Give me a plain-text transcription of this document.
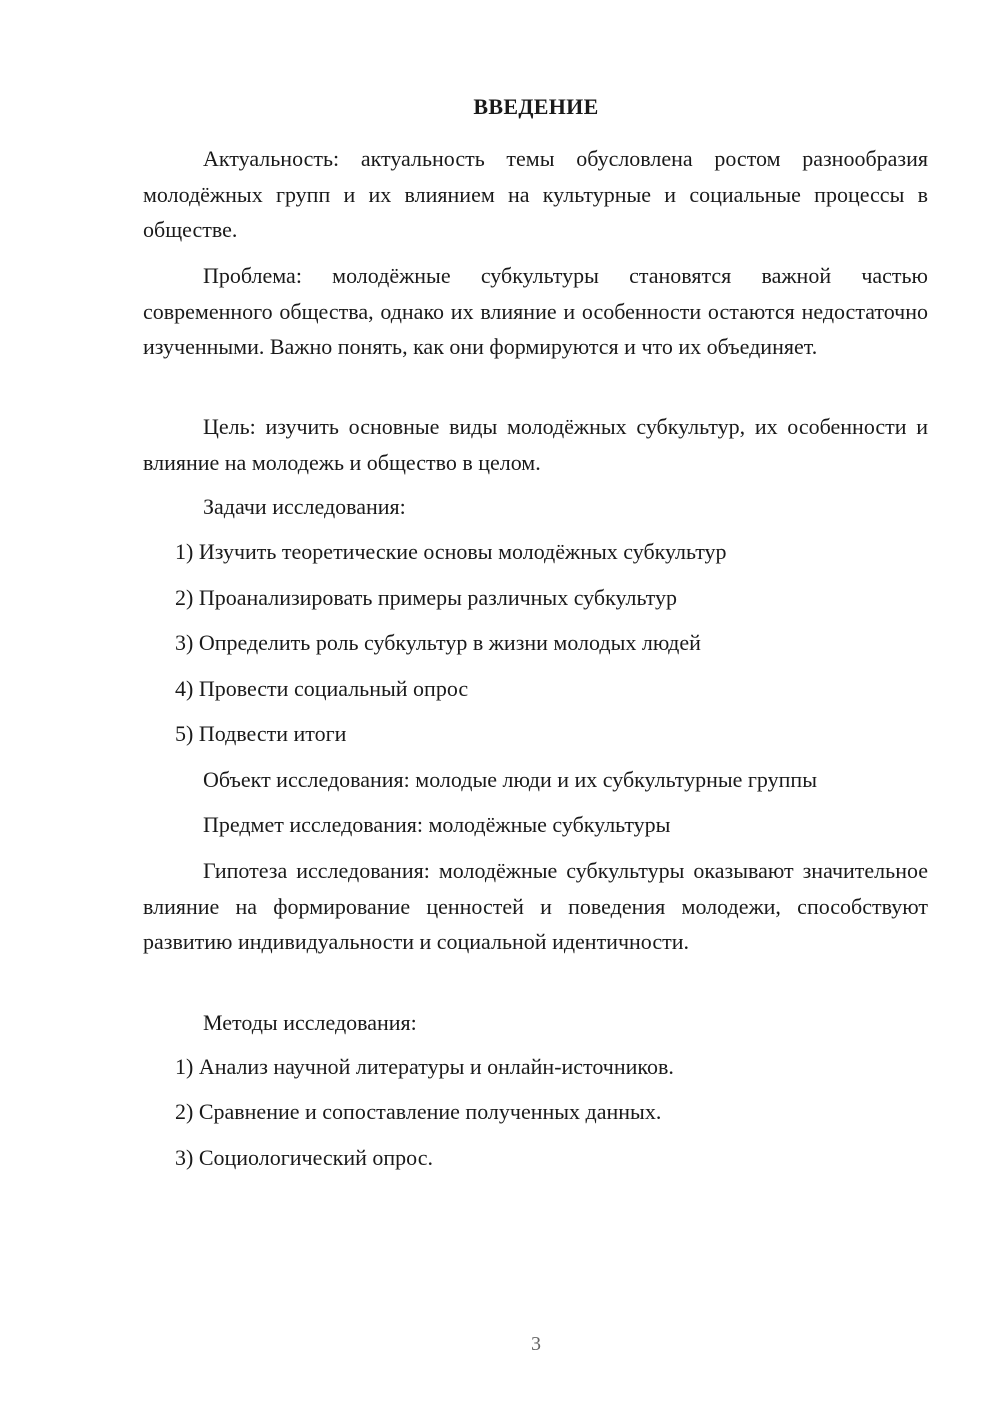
ВВЕДЕНИЕ

Актуальность: актуальность темы обусловлена ростом разнообразия молодёжных групп и их влиянием на культурные и социальные процессы в обществе.

Проблема: молодёжные субкультуры становятся важной частью современного общества, однако их влияние и особенности остаются недостаточно изученными. Важно понять, как они формируются и что их объединяет.

Цель: изучить основные виды молодёжных субкультур, их особенности и влияние на молодежь и общество в целом.

Задачи исследования:

1) Изучить теоретические основы молодёжных субкультур

2) Проанализировать примеры различных субкультур

3) Определить роль субкультур в жизни молодых людей

4) Провести социальный опрос

5) Подвести итоги

Объект исследования: молодые люди и их субкультурные группы

Предмет исследования: молодёжные субкультуры

Гипотеза исследования: молодёжные субкультуры оказывают значительное влияние на формирование ценностей и поведения молодежи, способствуют развитию индивидуальности и социальной идентичности.

Методы исследования:

1) Анализ научной литературы и онлайн-источников.

2) Сравнение и сопоставление полученных данных.

3) Социологический опрос.

3
